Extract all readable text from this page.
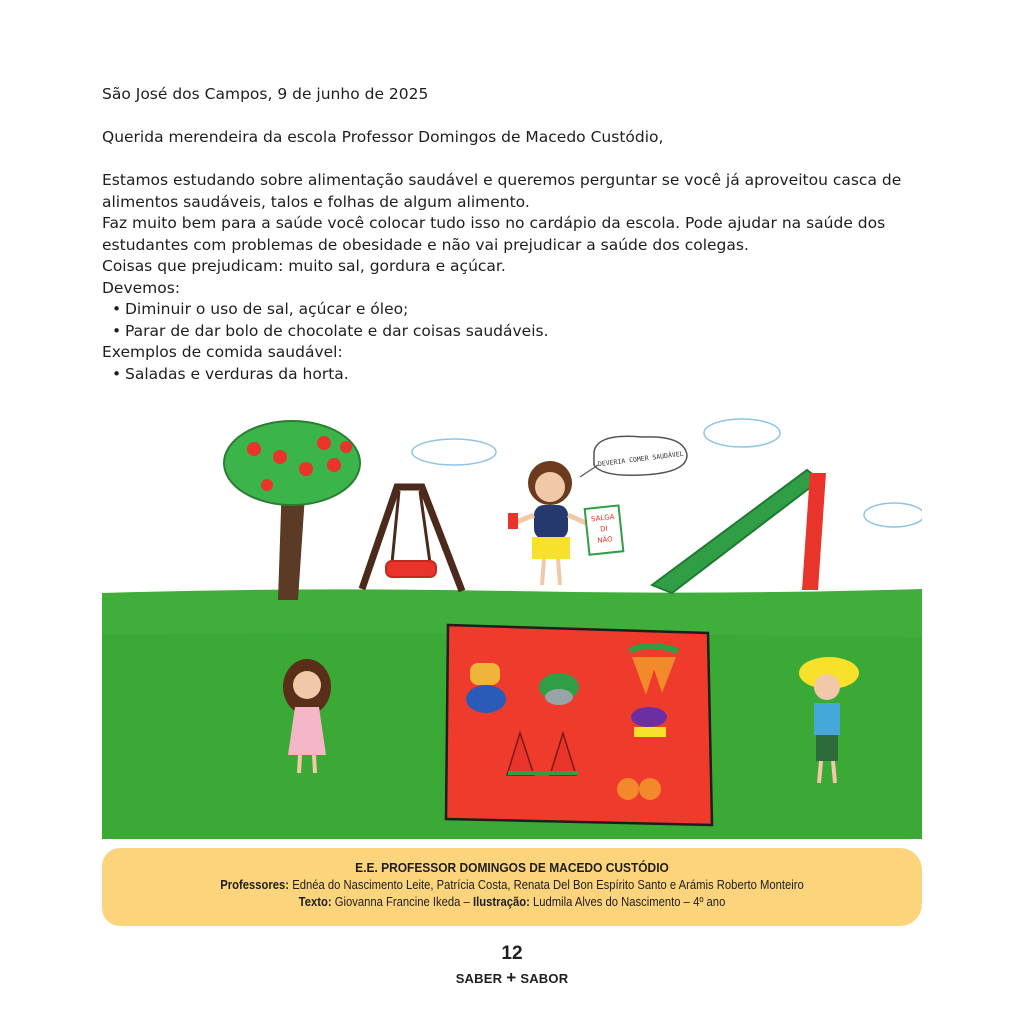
São José dos Campos, 9 de junho de 2025

Querida merendeira da escola Professor Domingos de Macedo Custódio,

Estamos estudando sobre alimentação saudável e queremos perguntar se você já aproveitou casca de alimentos saudáveis, talos e folhas de algum alimento.

Faz muito bem para a saúde você colocar tudo isso no cardápio da escola. Pode ajudar na saúde dos estudantes com problemas de obesidade e não vai prejudicar a saúde dos colegas.

Coisas que prejudicam: muito sal, gordura e açúcar.

Devemos:

• Diminuir o uso de sal, açúcar e óleo;

• Parar de dar bolo de chocolate e dar coisas saudáveis.

Exemplos de comida saudável:

• Saladas e verduras da horta.

DEVERIA COMER SAUDÁVEL
SALGA
DI
NÃO
E.E. PROFESSOR DOMINGOS DE MACEDO CUSTÓDIO
Professores: Ednéa do Nascimento Leite, Patrícia Costa, Renata Del Bon Espírito Santo e Arámis Roberto Monteiro
Texto: Giovanna Francine Ikeda – Ilustração: Ludmila Alves do Nascimento – 4º ano
12
SABER + SABOR
